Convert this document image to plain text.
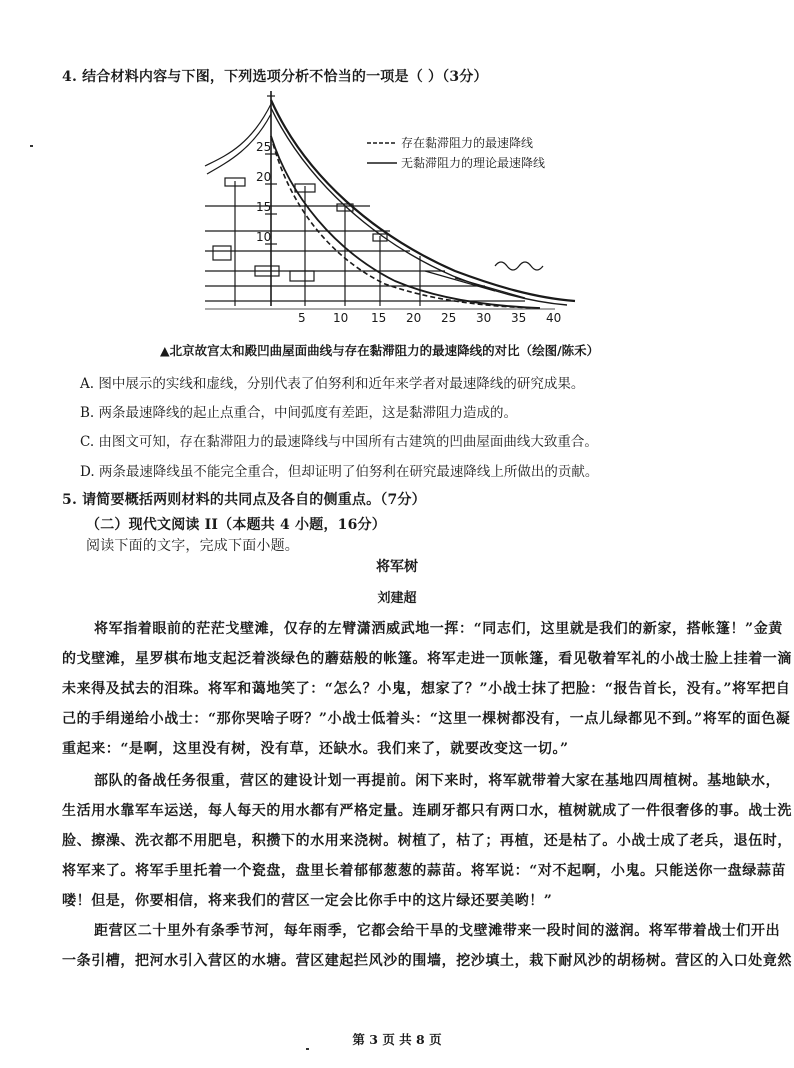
4. 结合材料内容与下图，下列选项分析不恰当的一项是（ ）（3分）
25
20
15
10
5 10 15 20 25 30 35 40
存在黏滞阻力的最速降线
无黏滞阻力的理论最速降线
▲北京故宫太和殿凹曲屋面曲线与存在黏滞阻力的最速降线的对比（绘图/陈禾）
A. 图中展示的实线和虚线，分别代表了伯努利和近年来学者对最速降线的研究成果。
B. 两条最速降线的起止点重合，中间弧度有差距，这是黏滞阻力造成的。
C. 由图文可知，存在黏滞阻力的最速降线与中国所有古建筑的凹曲屋面曲线大致重合。
D. 两条最速降线虽不能完全重合，但却证明了伯努利在研究最速降线上所做出的贡献。
5. 请简要概括两则材料的共同点及各自的侧重点。（7分）
（二）现代文阅读 II（本题共 4 小题，16分）
阅读下面的文字，完成下面小题。
将军树
刘建超
将军指着眼前的茫茫戈壁滩，仅存的左臂潇洒威武地一挥：“同志们，这里就是我们的新家，搭帐篷！”金黄
的戈壁滩，星罗棋布地支起泛着淡绿色的蘑菇般的帐篷。将军走进一顶帐篷，看见敬着军礼的小战士脸上挂着一滴
未来得及拭去的泪珠。将军和蔼地笑了：“怎么？小鬼，想家了？”小战士抹了把脸：“报告首长，没有。”将军把自
己的手绢递给小战士：“那你哭啥子呀？”小战士低着头：“这里一棵树都没有，一点儿绿都见不到。”将军的面色凝
重起来：“是啊，这里没有树，没有草，还缺水。我们来了，就要改变这一切。”
部队的备战任务很重，营区的建设计划一再提前。闲下来时，将军就带着大家在基地四周植树。基地缺水，
生活用水靠军车运送，每人每天的用水都有严格定量。连刷牙都只有两口水，植树就成了一件很奢侈的事。战士洗
脸、擦澡、洗衣都不用肥皂，积攒下的水用来浇树。树植了，枯了；再植，还是枯了。小战士成了老兵，退伍时，
将军来了。将军手里托着一个瓷盘，盘里长着郁郁葱葱的蒜苗。将军说：“对不起啊，小鬼。只能送你一盘绿蒜苗
喽！但是，你要相信，将来我们的营区一定会比你手中的这片绿还要美哟！”
距营区二十里外有条季节河，每年雨季，它都会给干旱的戈壁滩带来一段时间的滋润。将军带着战士们开出
一条引槽，把河水引入营区的水塘。营区建起拦风沙的围墙，挖沙填土，栽下耐风沙的胡杨树。营区的入口处竟然
第 3 页 共 8 页
